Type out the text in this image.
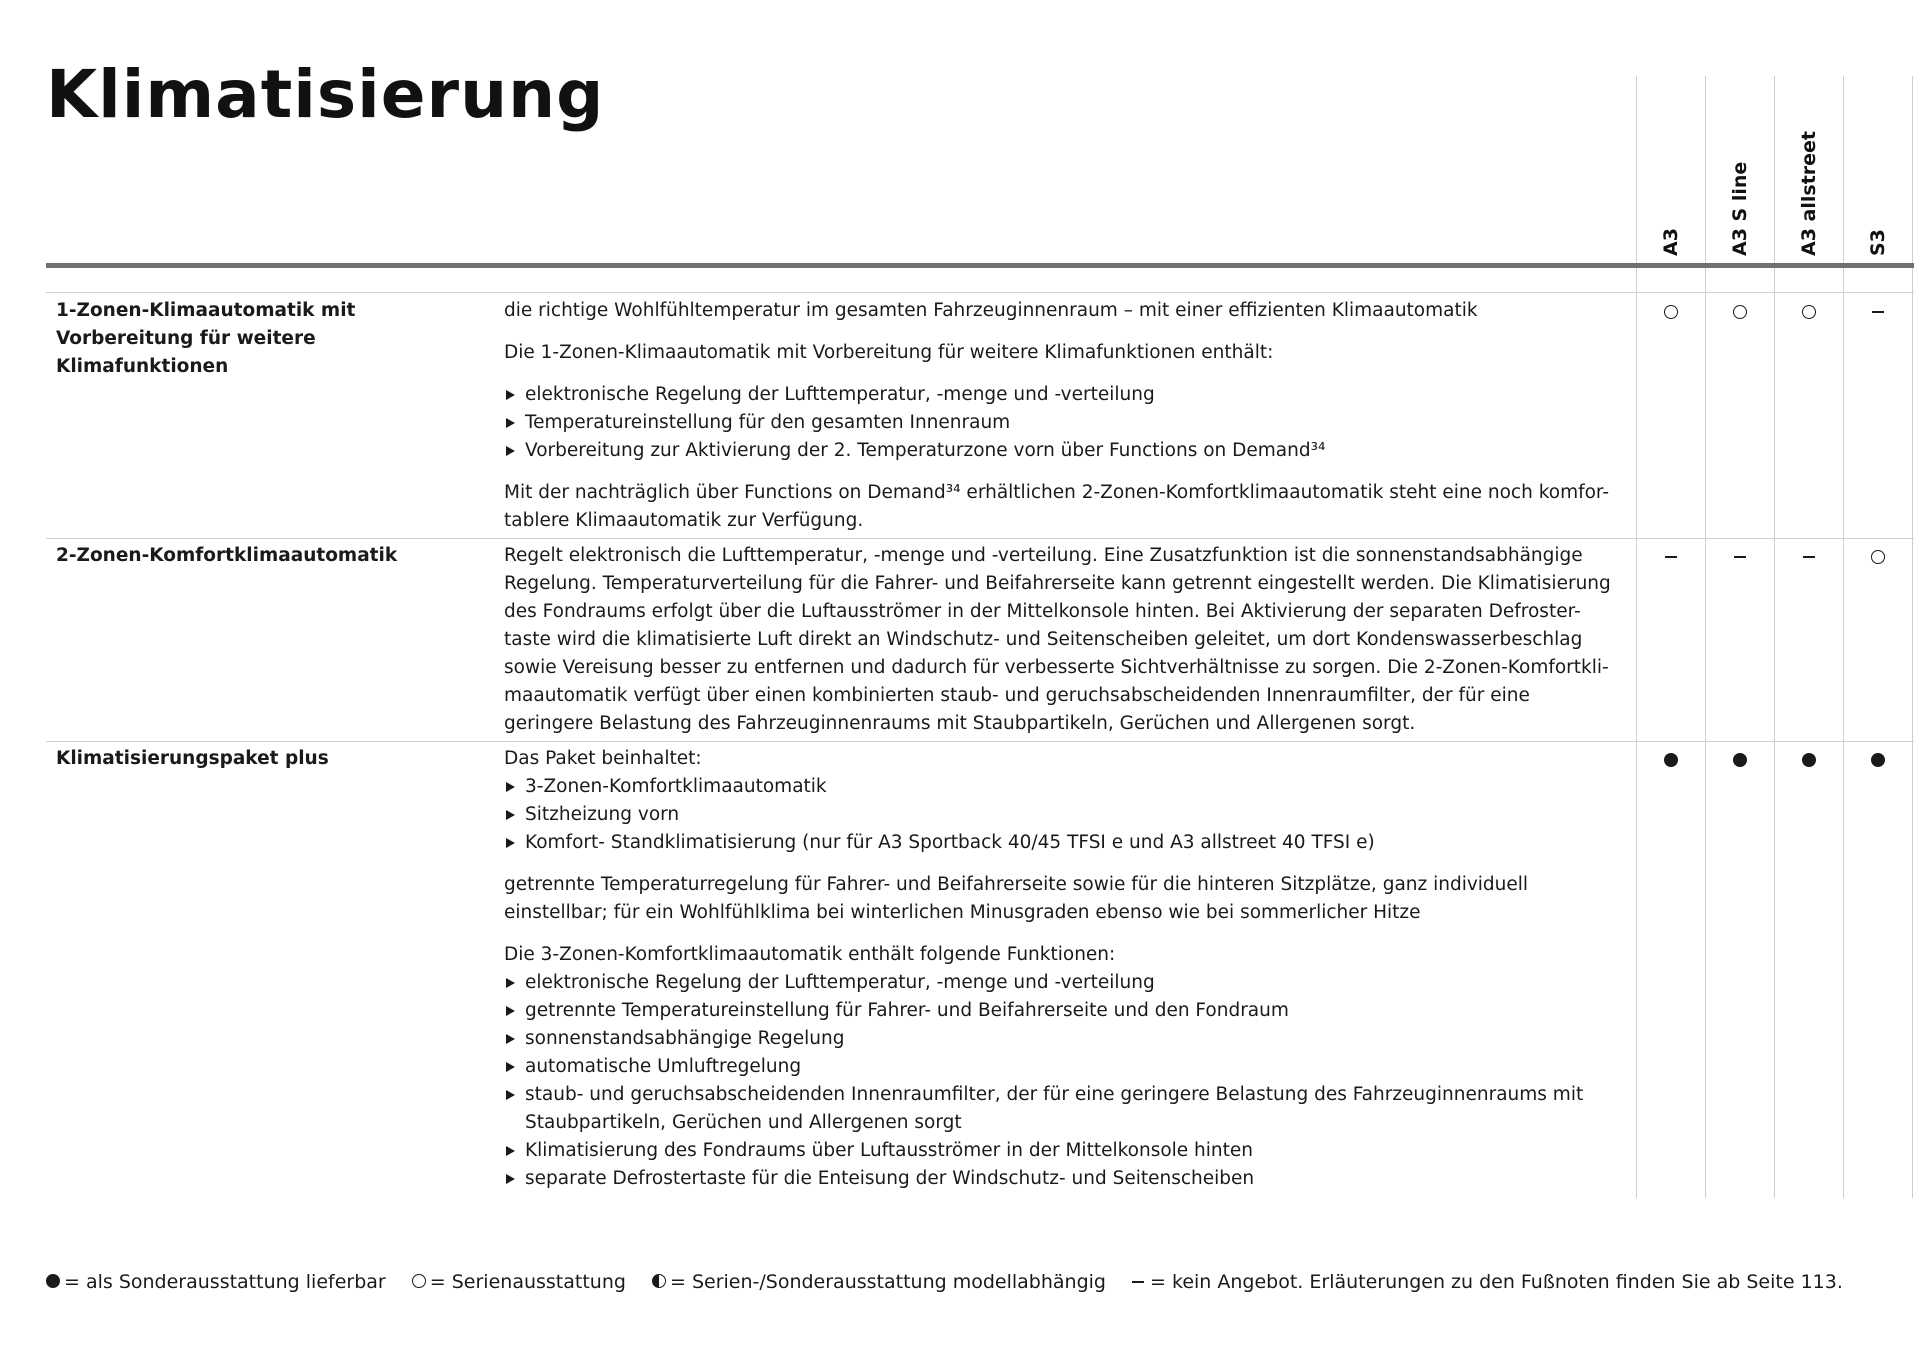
Klimatisierung
A3 A3 S line A3 allstreet S3
1-Zonen-Klimaautomatik mit Vorbereitung für weitere Klimafunktionen

die richtige Wohlfühltemperatur im gesamten Fahrzeuginnenraum – mit einer effizienten Klimaautomatik

Die 1-Zonen-Klimaautomatik mit Vorbereitung für weitere Klimafunktionen enthält:

elektronische Regelung der Lufttemperatur, -menge und -verteilung
Temperatureinstellung für den gesamten Innenraum
Vorbereitung zur Aktivierung der 2. Temperaturzone vorn über Functions on Demand³⁴

Mit der nachträglich über Functions on Demand³⁴ erhältlichen 2-Zonen-Komfortklimaautomatik steht eine noch komfor-tablere Klimaautomatik zur Verfügung.

2-Zonen-Komfortklimaautomatik	Regelt elektronisch die Lufttemperatur, -menge und -verteilung. Eine Zusatzfunktion ist die sonnenstandsabhängige Regelung. Temperaturverteilung für die Fahrer- und Beifahrerseite kann getrennt eingestellt werden. Die Klimatisierung des Fondraums erfolgt über die Luftausströmer in der Mittelkonsole hinten. Bei Aktivierung der separaten Defroster-taste wird die klimatisierte Luft direkt an Windschutz- und Seitenscheiben geleitet, um dort Kondenswasserbeschlag sowie Vereisung besser zu entfernen und dadurch für verbesserte Sichtverhältnisse zu sorgen. Die 2-Zonen-Komfortkli-maautomatik verfügt über einen kombinierten staub- und geruchsabscheidenden Innenraumfilter, der für eine geringere Belastung des Fahrzeuginnenraums mit Staubpartikeln, Gerüchen und Allergenen sorgt.

Klimatisierungspaket plus	Das Paket beinhaltet:

3-Zonen-Komfortklimaautomatik
Sitzheizung vorn
Komfort- Standklimatisierung (nur für A3 Sportback 40/45 TFSI e und A3 allstreet 40 TFSI e)

getrennte Temperaturregelung für Fahrer- und Beifahrerseite sowie für die hinteren Sitzplätze, ganz individuell einstellbar; für ein Wohlfühlklima bei winterlichen Minusgraden ebenso wie bei sommerlicher Hitze

Die 3-Zonen-Komfortklimaautomatik enthält folgende Funktionen:

elektronische Regelung der Lufttemperatur, -menge und -verteilung
getrennte Temperatureinstellung für Fahrer- und Beifahrerseite und den Fondraum
sonnenstandsabhängige Regelung
automatische Umluftregelung
staub- und geruchsabscheidenden Innenraumfilter, der für eine geringere Belastung des Fahrzeuginnenraums mit Staubpartikeln, Gerüchen und Allergenen sorgt
Klimatisierung des Fondraums über Luftausströmer in der Mittelkonsole hinten
separate Defrostertaste für die Enteisung der Windschutz- und Seitenscheiben
= als Sonderausstattung lieferbar = Serienausstattung = Serien-/Sonderausstattung modellabhängig = kein Angebot. Erläuterungen zu den Fußnoten finden Sie ab Seite 113.
